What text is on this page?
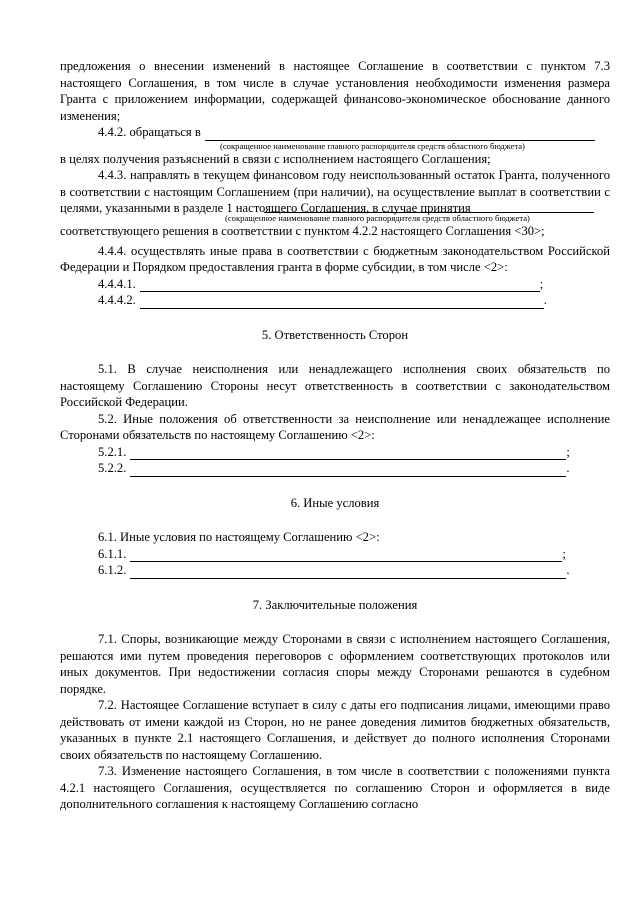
предложения о внесении изменений в настоящее Соглашение в соответствии с пунктом 7.3 настоящего Соглашения, в том числе в случае установления необходимости изменения размера Гранта с приложением информации, содержащей финансово-экономическое обоснование данного изменения;

4.4.2. обращаться в

(сокращенное наименование главного распорядителя средств областного бюджета)

в целях получения разъяснений в связи с исполнением настоящего Соглашения;

4.4.3. направлять в текущем финансовом году неиспользованный остаток Гранта, полученного в соответствии с настоящим Соглашением (при наличии), на осуществление выплат в соответствии с целями, указанными в разделе 1 настоящего Соглашения, в случае принятия

(сокращенное наименование главного распорядителя средств областного бюджета)

соответствующего решения в соответствии с пунктом 4.2.2 настоящего Соглашения <30>;

4.4.4. осуществлять иные права в соответствии с бюджетным законодательством Российской Федерации и Порядком предоставления гранта в форме субсидии, в том числе <2>:

4.4.4.1.	;
4.4.4.2.	.

5. Ответственность Сторон

5.1. В случае неисполнения или ненадлежащего исполнения своих обязательств по настоящему Соглашению Стороны несут ответственность в соответствии с законодательством Российской Федерации.

5.2. Иные положения об ответственности за неисполнение или ненадлежащее исполнение Сторонами обязательств по настоящему Соглашению <2>:

5.2.1.	;
5.2.2.	.

6. Иные условия

6.1. Иные условия по настоящему Соглашению <2>:

6.1.1.	;
6.1.2.	.

7. Заключительные положения

7.1. Споры, возникающие между Сторонами в связи с исполнением настоящего Соглашения, решаются ими путем проведения переговоров с оформлением соответствующих протоколов или иных документов. При недостижении согласия споры между Сторонами решаются в судебном порядке.

7.2. Настоящее Соглашение вступает в силу с даты его подписания лицами, имеющими право действовать от имени каждой из Сторон, но не ранее доведения лимитов бюджетных обязательств, указанных в пункте 2.1 настоящего Соглашения, и действует до полного исполнения Сторонами своих обязательств по настоящему Соглашению.

7.3. Изменение настоящего Соглашения, в том числе в соответствии с положениями пункта 4.2.1 настоящего Соглашения, осуществляется по соглашению Сторон и оформляется в виде дополнительного соглашения к настоящему Соглашению согласно
